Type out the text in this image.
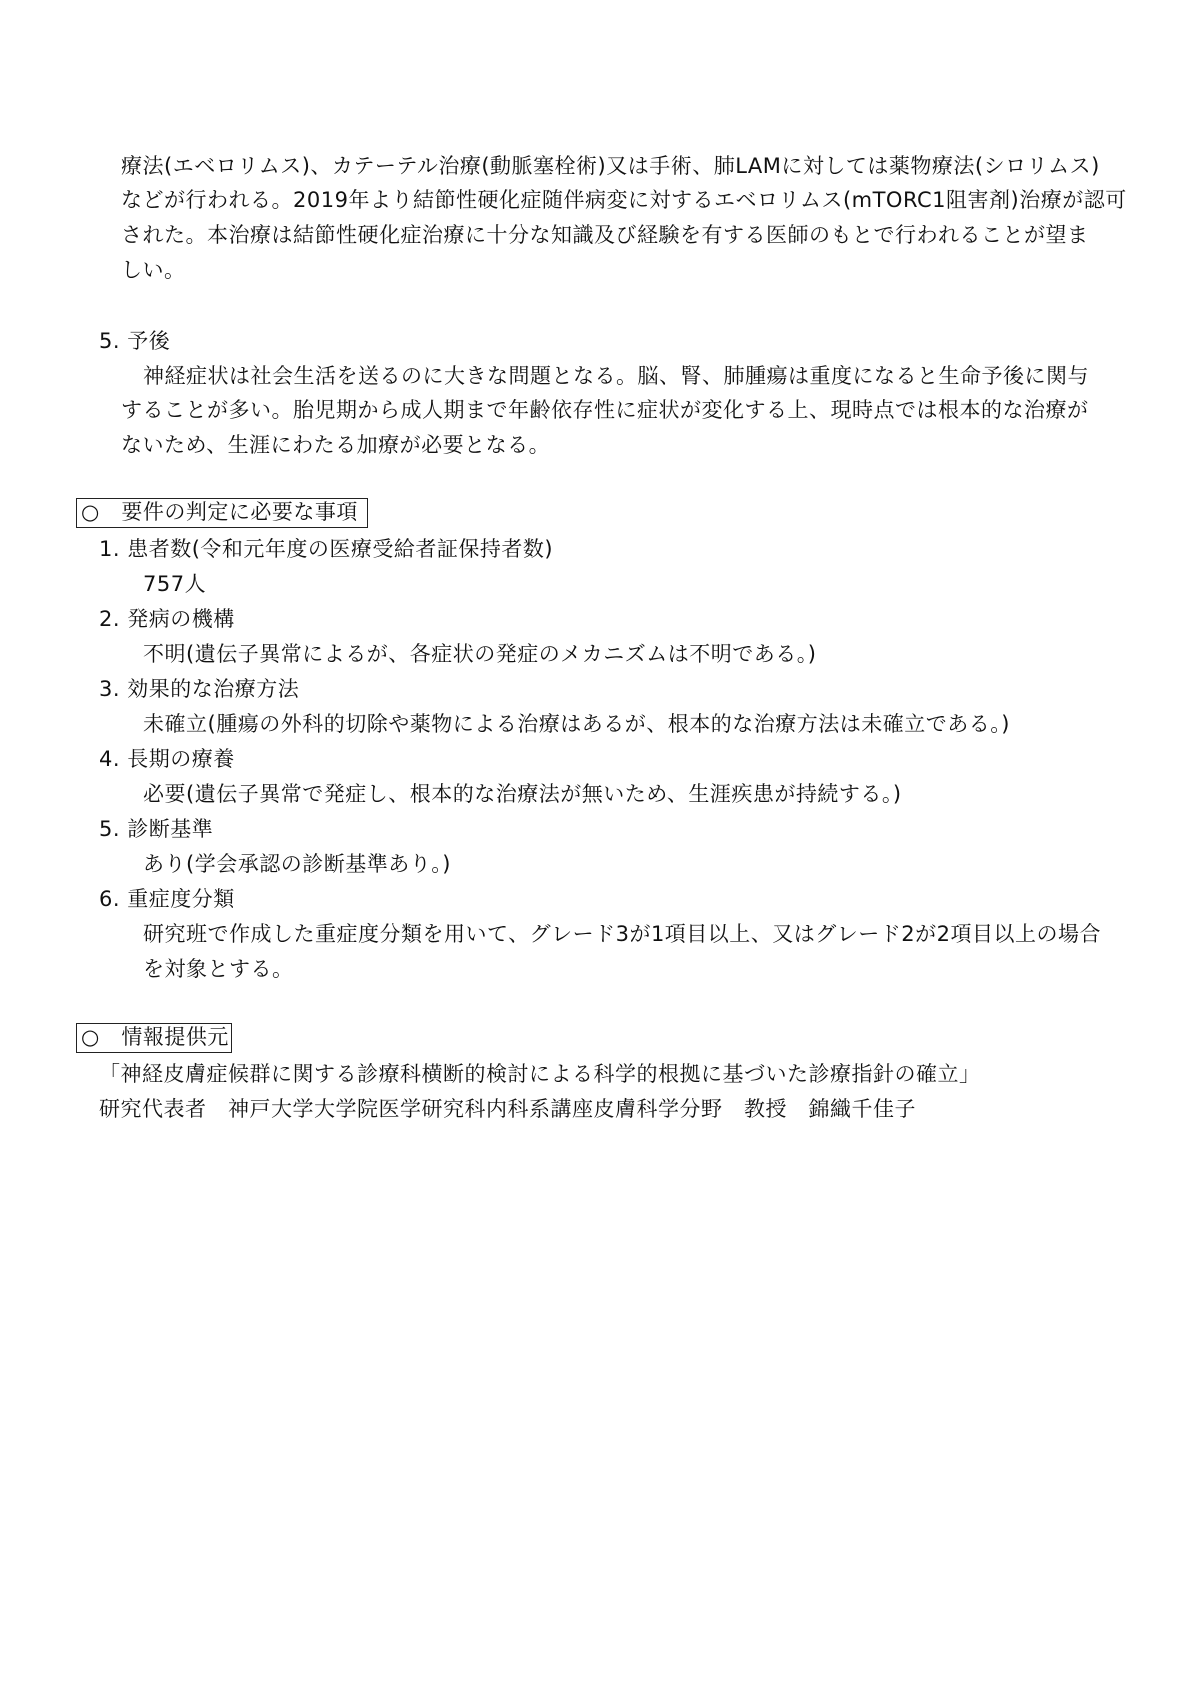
療法(エベロリムス)、カテーテル治療(動脈塞栓術)又は手術、肺LAMに対しては薬物療法(シロリムス)
などが行われる。2019年より結節性硬化症随伴病変に対するエベロリムス(mTORC1阻害剤)治療が認可
された。本治療は結節性硬化症治療に十分な知識及び経験を有する医師のもとで行われることが望ま
しい。
5. 予後
神経症状は社会生活を送るのに大きな問題となる。脳、腎、肺腫瘍は重度になると生命予後に関与
することが多い。胎児期から成人期まで年齢依存性に症状が変化する上、現時点では根本的な治療が
ないため、生涯にわたる加療が必要となる。
○　要件の判定に必要な事項
1. 患者数(令和元年度の医療受給者証保持者数)
757人
2. 発病の機構
不明(遺伝子異常によるが、各症状の発症のメカニズムは不明である。)
3. 効果的な治療方法
未確立(腫瘍の外科的切除や薬物による治療はあるが、根本的な治療方法は未確立である。)
4. 長期の療養
必要(遺伝子異常で発症し、根本的な治療法が無いため、生涯疾患が持続する。)
5. 診断基準
あり(学会承認の診断基準あり。)
6. 重症度分類
研究班で作成した重症度分類を用いて、グレード3が1項目以上、又はグレード2が2項目以上の場合
を対象とする。
○　情報提供元
「神経皮膚症候群に関する診療科横断的検討による科学的根拠に基づいた診療指針の確立」
研究代表者　神戸大学大学院医学研究科内科系講座皮膚科学分野　教授　錦織千佳子
